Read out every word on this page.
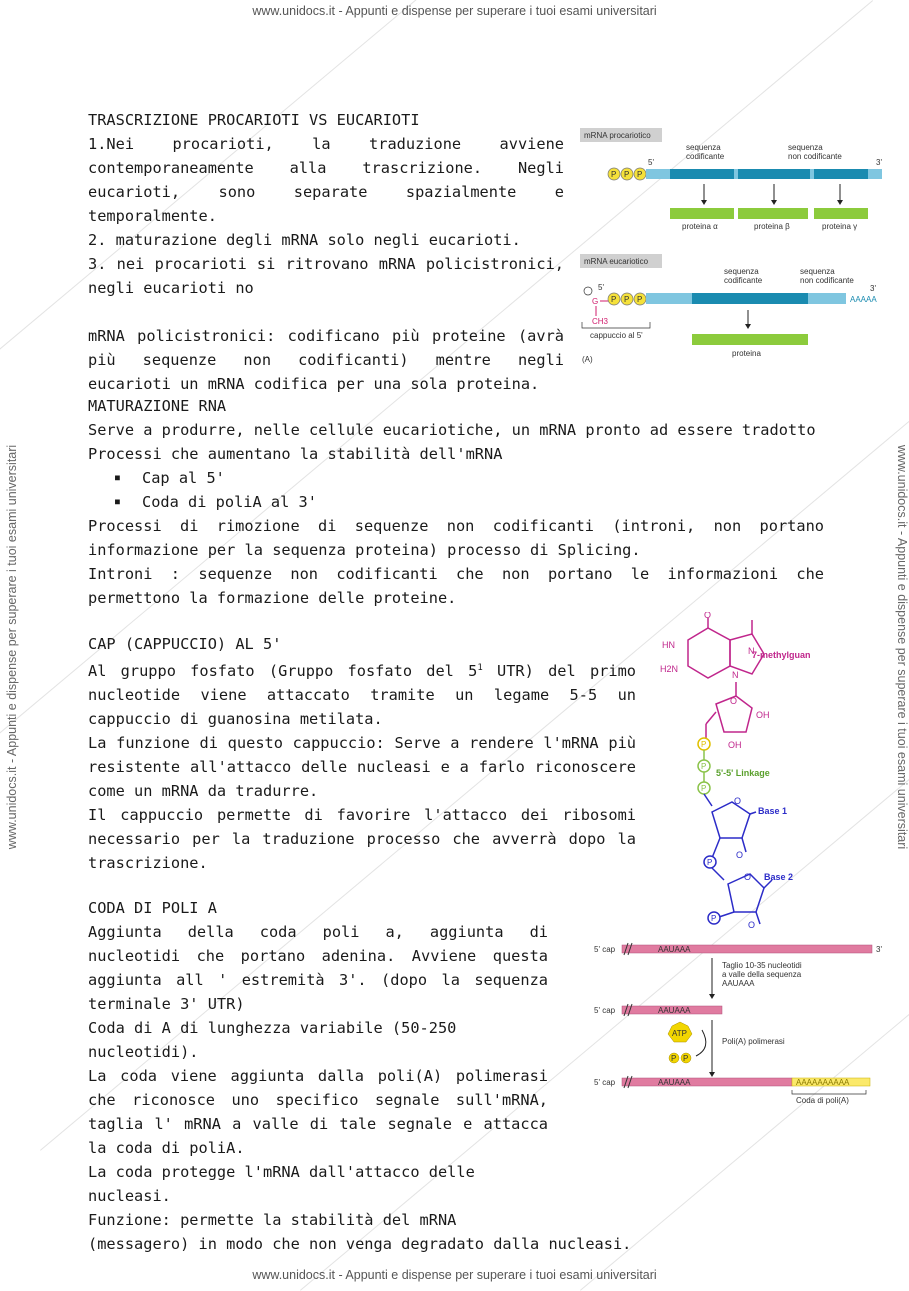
www.unidocs.it - Appunti e dispense per superare i tuoi esami universitari
www.unidocs.it - Appunti e dispense per superare i tuoi esami universitari
www.unidocs.it - Appunti e dispense per superare i tuoi esami universitari	www.unidocs.it - Appunti e dispense per superare i tuoi esami universitari

TRASCRIZIONE PROCARIOTI VS EUCARIOTI

1.Nei procarioti, la traduzione avviene contemporaneamente alla trascrizione. Negli eucarioti, sono separate spazialmente e temporalmente.

2. maturazione degli mRNA solo negli eucarioti.

3. nei procarioti si ritrovano mRNA policistronici, negli eucarioti no

mRNA policistronici: codificano più proteine (avrà più sequenze non codificanti) mentre negli eucarioti un mRNA codifica per una sola proteina.

mRNA procariotico
sequenza
codificante
sequenza
non codificante
5'	3'
P P P
proteina α	proteina β	proteina γ
mRNA eucariotico
sequenza
codificante
sequenza
non codificante
3'
5'
G
CH3
P P P	AAAAA
cappuccio al 5'
proteina
(A)

MATURAZIONE RNA

Serve a produrre, nelle cellule eucariotiche, un mRNA pronto ad essere tradotto

Processi che aumentano la stabilità dell'mRNA

■ Cap al 5'

■ Coda di poliA al 3'

Processi di rimozione di sequenze non codificanti (introni, non portano informazione per la sequenza proteina) processo di Splicing.

Introni : sequenze non codificanti che non portano le informazioni che permettono la formazione delle proteine.

CAP (CAPPUCCIO) AL 5'

Al gruppo fosfato (Gruppo fosfato del $5^1$ UTR) del primo nucleotide viene attaccato tramite un legame 5-5 un cappuccio di guanosina metilata.

La funzione di questo cappuccio: Serve a rendere l'mRNA più resistente all'attacco delle nucleasi e a farlo riconoscere come un mRNA da tradurre.

Il cappuccio permette di favorire l'attacco dei ribosomi necessario per la traduzione processo che avverrà dopo la trascrizione.

O
HN
H2N
N
N
7-methylguan
O
OH
OH
P
P
P
5'-5' Linkage
O
Base 1
P
O Base 2
P
O
O

CODA DI POLI A

Aggiunta della coda poli a, aggiunta di nucleotidi che portano adenina. Avviene questa aggiunta all ' estremità 3'. (dopo la sequenza terminale 3' UTR)

Coda di A di lunghezza variabile (50-250 nucleotidi).

La coda viene aggiunta dalla poli(A) polimerasi che riconosce uno specifico segnale sull'mRNA, taglia l' mRNA a valle di tale segnale e attacca la coda di poliA.

La coda protegge l'mRNA dall'attacco delle nucleasi.

Funzione: permette la stabilità del mRNA

(messagero) in modo che non venga degradato dalla nucleasi.

5' cap	AAUAAA	3'
Taglio 10-35 nucleotidi
a valle della sequenza
AAUAAA
5' cap	AAUAAA
ATP
P P
Poli(A) polimerasi
5' cap	AAUAAA	AAAAAAAAAA
Coda di poli(A)
